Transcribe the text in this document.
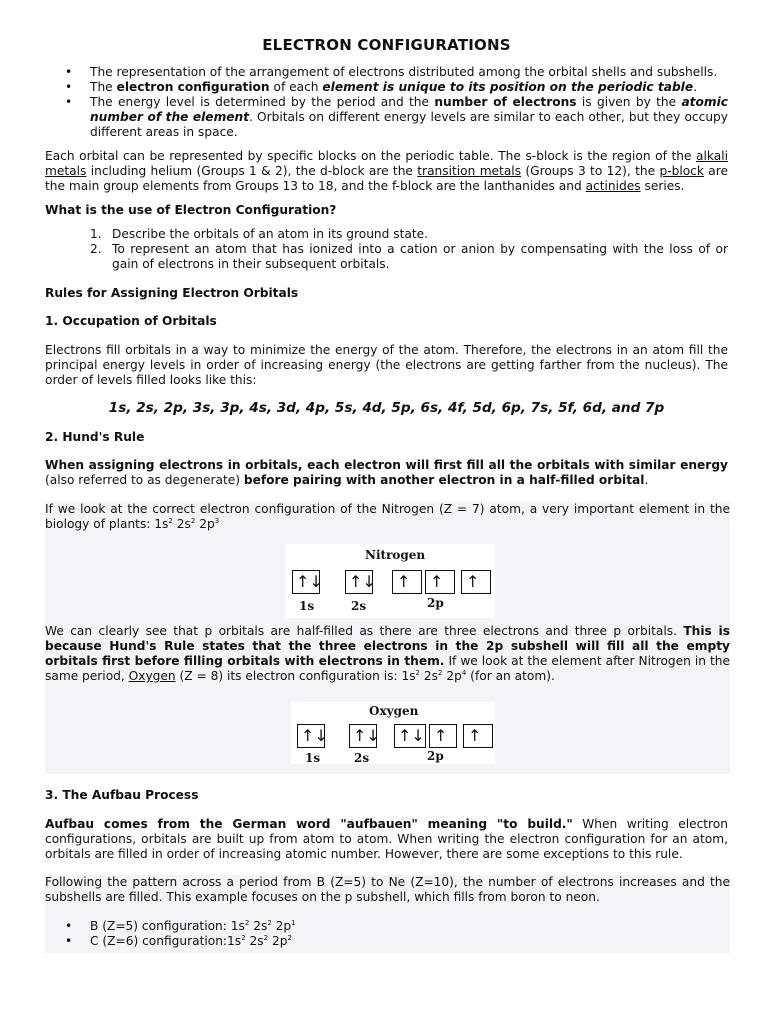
ELECTRON CONFIGURATIONS
• The representation of the arrangement of electrons distributed among the orbital shells and subshells.
• The electron configuration of each element is unique to its position on the periodic table.
• The energy level is determined by the period and the number of electrons is given by the atomic number of the element. Orbitals on different energy levels are similar to each other, but they occupy different areas in space.

Each orbital can be represented by specific blocks on the periodic table. The s-block is the region of the alkali metals including helium (Groups 1 & 2), the d-block are the transition metals (Groups 3 to 12), the p-block are the main group elements from Groups 13 to 18, and the f-block are the lanthanides and actinides series.

What is the use of Electron Configuration?

1. Describe the orbitals of an atom in its ground state.
2. To represent an atom that has ionized into a cation or anion by compensating with the loss of or gain of electrons in their subsequent orbitals.

Rules for Assigning Electron Orbitals

1. Occupation of Orbitals

Electrons fill orbitals in a way to minimize the energy of the atom. Therefore, the electrons in an atom fill the principal energy levels in order of increasing energy (the electrons are getting farther from the nucleus). The order of levels filled looks like this:

1s, 2s, 2p, 3s, 3p, 4s, 3d, 4p, 5s, 4d, 5p, 6s, 4f, 5d, 6p, 7s, 5f, 6d, and 7p

2. Hund's Rule

When assigning electrons in orbitals, each electron will first fill all the orbitals with similar energy (also referred to as degenerate) before pairing with another electron in a half-filled orbital.

If we look at the correct electron configuration of the Nitrogen (Z = 7) atom, a very important element in the biology of plants: $1s^2$ $2s^2$ $2p^3$

Nitrogen
↑↓ ↑↓ ↑ ↑ ↑
1s	2s	2p

We can clearly see that p orbitals are half-filled as there are three electrons and three p orbitals. This is because Hund's Rule states that the three electrons in the 2p subshell will fill all the empty orbitals first before filling orbitals with electrons in them. If we look at the element after Nitrogen in the same period, Oxygen (Z = 8) its electron configuration is: $1s^2$ $2s^2$ $2p^4$ (for an atom).

Oxygen
↑↓ ↑↓ ↑↓ ↑ ↑
1s	2s	2p

3. The Aufbau Process

Aufbau comes from the German word "aufbauen" meaning "to build." When writing electron configurations, orbitals are built up from atom to atom. When writing the electron configuration for an atom, orbitals are filled in order of increasing atomic number. However, there are some exceptions to this rule.

Following the pattern across a period from B (Z=5) to Ne (Z=10), the number of electrons increases and the subshells are filled. This example focuses on the p subshell, which fills from boron to neon.

• B (Z=5) configuration: $1s^2$ $2s^2$ $2p^1$
• C (Z=6) $configuration:1s^2$ $2s^2$ $2p^2$
